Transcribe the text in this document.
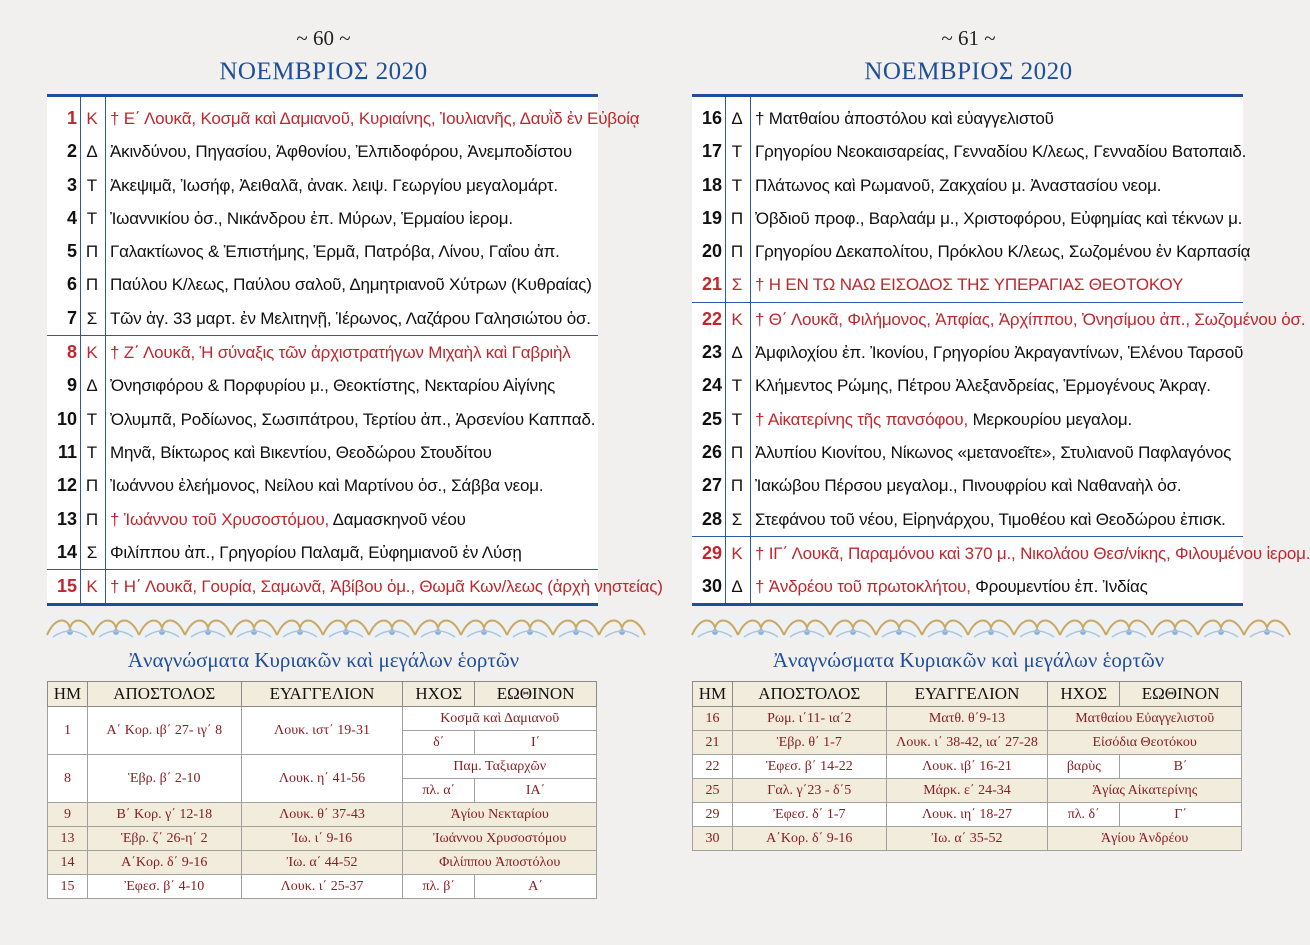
~ 60 ~
ΝΟΕΜΒΡΙΟΣ 2020
1 Κ † Ε΄ Λουκᾶ, Κοσμᾶ καὶ Δαμιανοῦ, Κυριαίνης, Ἰουλιανῆς, Δαυῒδ ἐν Εὐβοίᾳ
2 Δ Ἀκινδύνου, Πηγασίου, Ἀφθονίου, Ἐλπιδοφόρου, Ἀνεμποδίστου
3 Τ Ἀκεψιμᾶ, Ἰωσήφ, Ἀειθαλᾶ, ἀνακ. λειψ. Γεωργίου μεγαλομάρτ.
4 Τ Ἰωαννικίου ὁσ., Νικάνδρου ἐπ. Μύρων, Ἑρμαίου ἱερομ.
5 Π Γαλακτίωνος & Ἐπιστήμης, Ἑρμᾶ, Πατρόβα, Λίνου, Γαΐου ἀπ.
6 Π Παύλου Κ/λεως, Παύλου σαλοῦ, Δημητριανοῦ Χύτρων (Κυθραίας)
7 Σ Τῶν ἁγ. 33 μαρτ. ἐν Μελιτηνῇ, Ἱέρωνος, Λαζάρου Γαλησιώτου ὁσ.
8 Κ † Ζ΄ Λουκᾶ, Ἡ σύναξις τῶν ἀρχιστρατήγων Μιχαὴλ καὶ Γαβριὴλ
9 Δ Ὀνησιφόρου & Πορφυρίου μ., Θεοκτίστης, Νεκταρίου Αἰγίνης
10 Τ Ὀλυμπᾶ, Ροδίωνος, Σωσιπάτρου, Τερτίου ἀπ., Ἀρσενίου Καππαδ.
11 Τ Μηνᾶ, Βίκτωρος καὶ Βικεντίου, Θεοδώρου Στουδίτου
12 Π Ἰωάννου ἐλεήμονος, Νείλου καὶ Μαρτίνου ὁσ., Σάββα νεομ.
13 Π † Ἰωάννου τοῦ Χρυσοστόμου, Δαμασκηνοῦ νέου
14 Σ Φιλίππου ἀπ., Γρηγορίου Παλαμᾶ, Εὐφημιανοῦ ἐν Λύσῃ
15 Κ † Η΄ Λουκᾶ, Γουρία, Σαμωνᾶ, Ἀβίβου ὁμ., Θωμᾶ Κων/λεως (ἀρχὴ νηστείας)
Ἀναγνώσματα Κυριακῶν καὶ μεγάλων ἑορτῶν
ΗΜ	ΑΠΟΣΤΟΛΟΣ	ΕΥΑΓΓΕΛΙΟΝ	ΗΧΟΣ	ΕΩΘΙΝΟΝ
1	Α΄ Κορ. ιβ΄ 27- ιγ΄ 8	Λουκ. ιστ΄ 19-31	Κοσμᾶ καὶ Δαμιανοῦ	
			δ΄	Ι΄
8	Ἑβρ. β΄ 2-10	Λουκ. η΄ 41-56	Παμ. Ταξιαρχῶν	
			πλ. α΄	ΙΑ΄
9	Β΄ Κορ. γ΄ 12-18	Λουκ. θ΄ 37-43	Ἁγίου Νεκταρίου	
13	Ἑβρ. ζ΄ 26-η΄ 2	Ἰω. ι΄ 9-16	Ἰωάννου Χρυσοστόμου	
14	Α΄Κορ. δ΄ 9-16	Ἰω. α΄ 44-52	Φιλίππου Ἀποστόλου	
15	Ἐφεσ. β΄ 4-10	Λουκ. ι΄ 25-37	πλ. β΄	Α΄
~ 61 ~
ΝΟΕΜΒΡΙΟΣ 2020
16 Δ † Ματθαίου ἀποστόλου καὶ εὐαγγελιστοῦ
17 Τ Γρηγορίου Νεοκαισαρείας, Γενναδίου Κ/λεως, Γενναδίου Βατοπαιδ.
18 Τ Πλάτωνος καὶ Ρωμανοῦ, Ζακχαίου μ. Ἀναστασίου νεομ.
19 Π Ὀβδιοῦ προφ., Βαρλαάμ μ., Χριστοφόρου, Εὐφημίας καὶ τέκνων μ.
20 Π Γρηγορίου Δεκαπολίτου, Πρόκλου Κ/λεως, Σωζομένου ἐν Καρπασίᾳ
21 Σ † Η ΕΝ ΤΩ ΝΑΩ ΕΙΣΟΔΟΣ ΤΗΣ ΥΠΕΡΑΓΙΑΣ ΘΕΟΤΟΚΟΥ
22 Κ † Θ΄ Λουκᾶ, Φιλήμονος, Ἀπφίας, Ἀρχίππου, Ὀνησίμου ἀπ., Σωζομένου ὁσ.
23 Δ Ἀμφιλοχίου ἐπ. Ἰκονίου, Γρηγορίου Ἀκραγαντίνων, Ἑλένου Ταρσοῦ
24 Τ Κλήμεντος Ρώμης, Πέτρου Ἀλεξανδρείας, Ἑρμογένους Ἀκραγ.
25 Τ † Αἰκατερίνης τῆς πανσόφου, Μερκουρίου μεγαλομ.
26 Π Ἀλυπίου Κιονίτου, Νίκωνος «μετανοεῖτε», Στυλιανοῦ Παφλαγόνος
27 Π Ἰακώβου Πέρσου μεγαλομ., Πινουφρίου καὶ Ναθαναὴλ ὁσ.
28 Σ Στεφάνου τοῦ νέου, Εἰρηνάρχου, Τιμοθέου καὶ Θεοδώρου ἐπισκ.
29 Κ † ΙΓ΄ Λουκᾶ, Παραμόνου καὶ 370 μ., Νικολάου Θεσ/νίκης, Φιλουμένου ἱερομ.
30 Δ † Ἀνδρέου τοῦ πρωτοκλήτου, Φρουμεντίου ἐπ. Ἰνδίας
Ἀναγνώσματα Κυριακῶν καὶ μεγάλων ἑορτῶν
ΗΜ	ΑΠΟΣΤΟΛΟΣ	ΕΥΑΓΓΕΛΙΟΝ	ΗΧΟΣ	ΕΩΘΙΝΟΝ
16	Ρωμ. ι΄11- ια΄2	Ματθ. θ΄9-13	Ματθαίου Εὐαγγελιστοῦ	
21	Ἑβρ. θ΄ 1-7	Λουκ. ι΄ 38-42, ια΄ 27-28	Εἰσόδια Θεοτόκου	
22	Ἐφεσ. β΄ 14-22	Λουκ. ιβ΄ 16-21	βαρὺς	Β΄
25	Γαλ. γ΄23 - δ΄5	Μάρκ. ε΄ 24-34	Ἁγίας Αἰκατερίνης	
29	Ἐφεσ. δ΄ 1-7	Λουκ. ιη΄ 18-27	πλ. δ΄	Γ΄
30	Α΄Κορ. δ΄ 9-16	Ἰω. α΄ 35-52	Ἁγίου Ἀνδρέου	
